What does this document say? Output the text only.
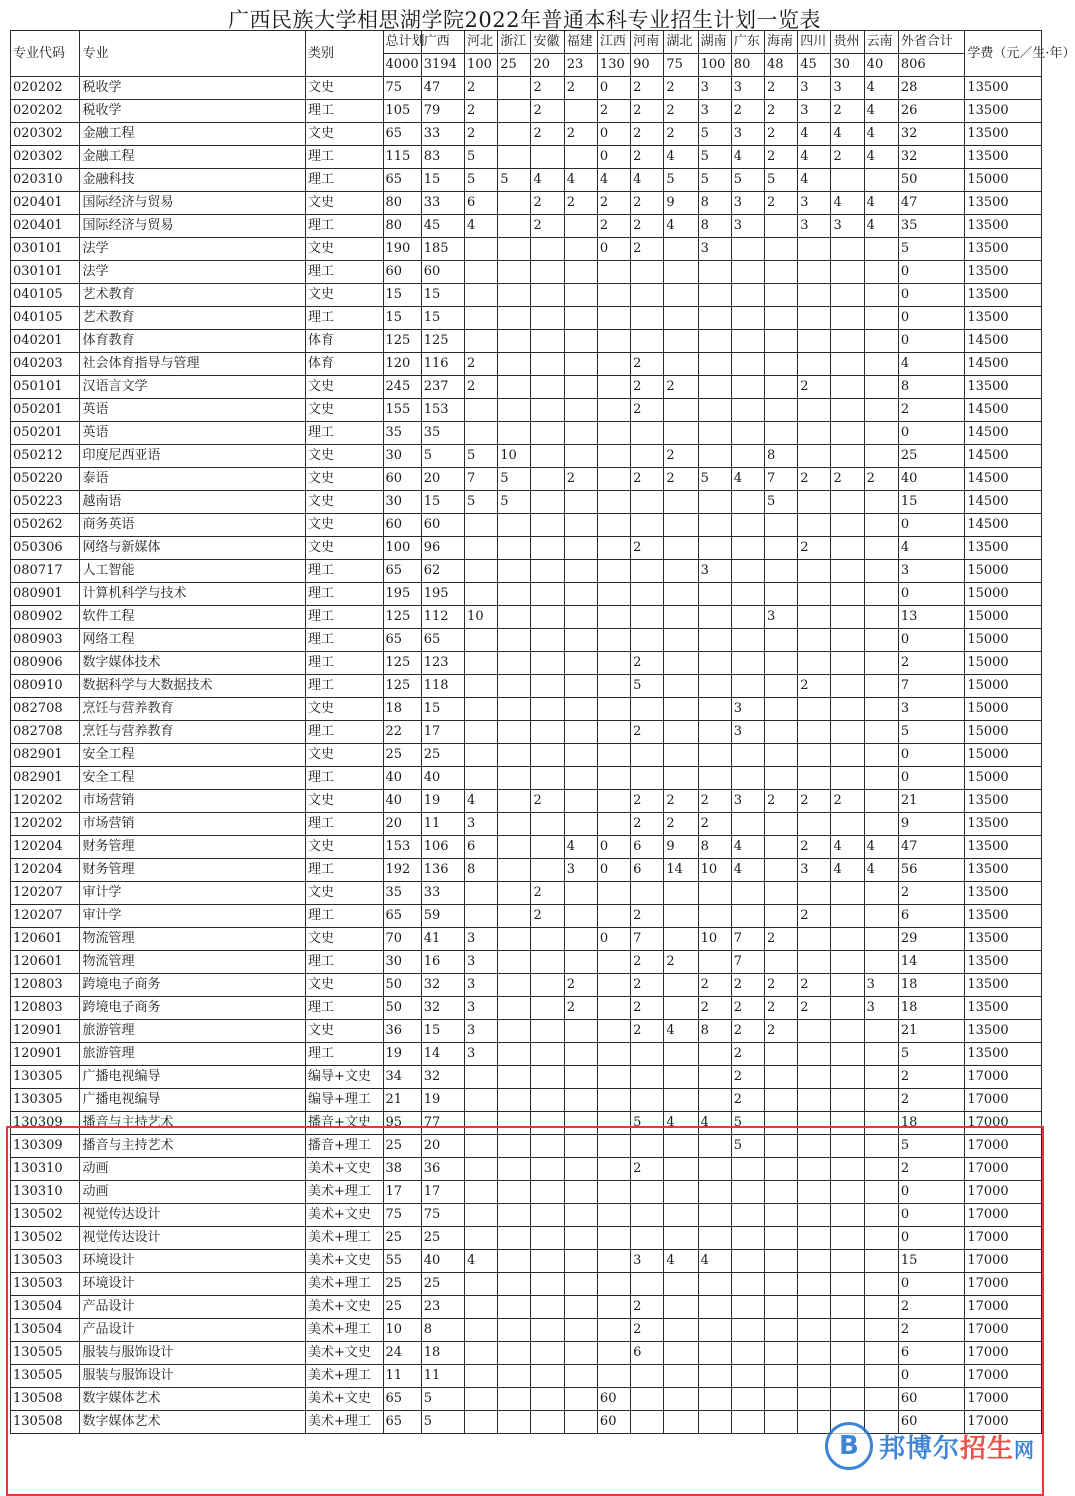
广西民族大学相思湖学院2022年普通本科专业招生计划一览表
专业代码	专业	类别	总计划	广西	河北	浙江	安徽	福建	江西	河南	湖北	湖南	广东	海南	四川	贵州	云南	外省合计	学费（元／生·年）
			4000	3194	100	25	20	23	130	90	75	100	80	48	45	30	40	806	
020202	税收学	文史	75	47	2		2	2	0	2	2	3	3	2	3	3	4	28	13500
020202	税收学	理工	105	79	2		2		2	2	2	3	2	2	3	2	4	26	13500
020302	金融工程	文史	65	33	2		2	2	0	2	2	5	3	2	4	4	4	32	13500
020302	金融工程	理工	115	83	5				0	2	4	5	4	2	4	2	4	32	13500
020310	金融科技	理工	65	15	5	5	4	4	4	4	5	5	5	5	4			50	15000
020401	国际经济与贸易	文史	80	33	6		2	2	2	2	9	8	3	2	3	4	4	47	13500
020401	国际经济与贸易	理工	80	45	4		2		2	2	4	8	3		3	3	4	35	13500
030101	法学	文史	190	185					0	2		3						5	13500
030101	法学	理工	60	60														0	13500
040105	艺术教育	文史	15	15														0	13500
040105	艺术教育	理工	15	15														0	13500
040201	体育教育	体育	125	125														0	14500
040203	社会体育指导与管理	体育	120	116	2					2								4	14500
050101	汉语言文学	文史	245	237	2					2	2				2			8	13500
050201	英语	文史	155	153						2								2	14500
050201	英语	理工	35	35														0	14500
050212	印度尼西亚语	文史	30	5	5	10					2			8				25	14500
050220	泰语	文史	60	20	7	5		2		2	2	5	4	7	2	2	2	40	14500
050223	越南语	文史	30	15	5	5								5				15	14500
050262	商务英语	文史	60	60														0	14500
050306	网络与新媒体	文史	100	96						2					2			4	13500
080717	人工智能	理工	65	62								3						3	15000
080901	计算机科学与技术	理工	195	195														0	15000
080902	软件工程	理工	125	112	10									3				13	15000
080903	网络工程	理工	65	65														0	15000
080906	数字媒体技术	理工	125	123						2								2	15000
080910	数据科学与大数据技术	理工	125	118						5					2			7	15000
082708	烹饪与营养教育	文史	18	15									3					3	15000
082708	烹饪与营养教育	理工	22	17						2			3					5	15000
082901	安全工程	文史	25	25														0	15000
082901	安全工程	理工	40	40														0	15000
120202	市场营销	文史	40	19	4		2			2	2	2	3	2	2	2		21	13500
120202	市场营销	理工	20	11	3					2	2	2						9	13500
120204	财务管理	文史	153	106	6			4	0	6	9	8	4		2	4	4	47	13500
120204	财务管理	理工	192	136	8			3	0	6	14	10	4		3	4	4	56	13500
120207	审计学	文史	35	33			2											2	13500
120207	审计学	理工	65	59			2			2					2			6	13500
120601	物流管理	文史	70	41	3				0	7		10	7	2				29	13500
120601	物流管理	理工	30	16	3					2	2		7					14	13500
120803	跨境电子商务	文史	50	32	3			2		2		2	2	2	2		3	18	13500
120803	跨境电子商务	理工	50	32	3			2		2		2	2	2	2		3	18	13500
120901	旅游管理	文史	36	15	3					2	4	8	2	2				21	13500
120901	旅游管理	理工	19	14	3								2					5	13500
130305	广播电视编导	编导+文史	34	32									2					2	17000
130305	广播电视编导	编导+理工	21	19									2					2	17000
130309	播音与主持艺术	播音+文史	95	77						5	4	4	5					18	17000
130309	播音与主持艺术	播音+理工	25	20									5					5	17000
130310	动画	美术+文史	38	36						2								2	17000
130310	动画	美术+理工	17	17														0	17000
130502	视觉传达设计	美术+文史	75	75														0	17000
130502	视觉传达设计	美术+理工	25	25														0	17000
130503	环境设计	美术+文史	55	40	4					3	4	4						15	17000
130503	环境设计	美术+理工	25	25														0	17000
130504	产品设计	美术+文史	25	23						2								2	17000
130504	产品设计	美术+理工	10	8						2								2	17000
130505	服装与服饰设计	美术+文史	24	18						6								6	17000
130505	服装与服饰设计	美术+理工	11	11														0	17000
130508	数字媒体艺术	美术+文史	65	5					60									60	17000
130508	数字媒体艺术	美术+理工	65	5					60									60	17000
B 邦博尔招生网
